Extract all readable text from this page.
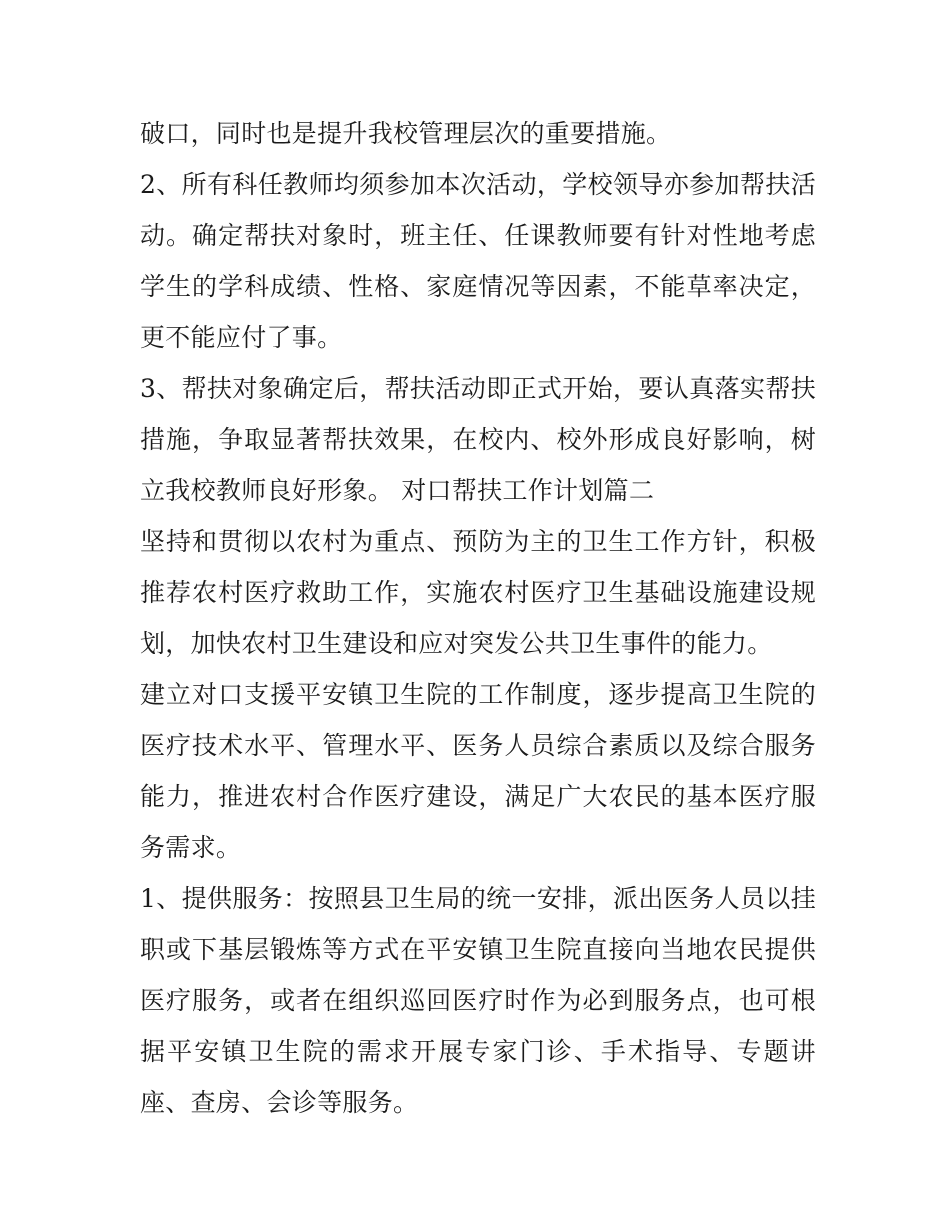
破口，同时也是提升我校管理层次的重要措施。

2、所有科任教师均须参加本次活动，学校领导亦参加帮扶活动。确定帮扶对象时，班主任、任课教师要有针对性地考虑学生的学科成绩、性格、家庭情况等因素，不能草率决定，更不能应付了事。

3、帮扶对象确定后，帮扶活动即正式开始，要认真落实帮扶措施，争取显著帮扶效果，在校内、校外形成良好影响，树立我校教师良好形象。 对口帮扶工作计划篇二

坚持和贯彻以农村为重点、预防为主的卫生工作方针，积极推荐农村医疗救助工作，实施农村医疗卫生基础设施建设规划，加快农村卫生建设和应对突发公共卫生事件的能力。

建立对口支援平安镇卫生院的工作制度，逐步提高卫生院的医疗技术水平、管理水平、医务人员综合素质以及综合服务能力，推进农村合作医疗建设，满足广大农民的基本医疗服务需求。

1、提供服务：按照县卫生局的统一安排，派出医务人员以挂职或下基层锻炼等方式在平安镇卫生院直接向当地农民提供医疗服务，或者在组织巡回医疗时作为必到服务点，也可根据平安镇卫生院的需求开展专家门诊、手术指导、专题讲座、查房、会诊等服务。
